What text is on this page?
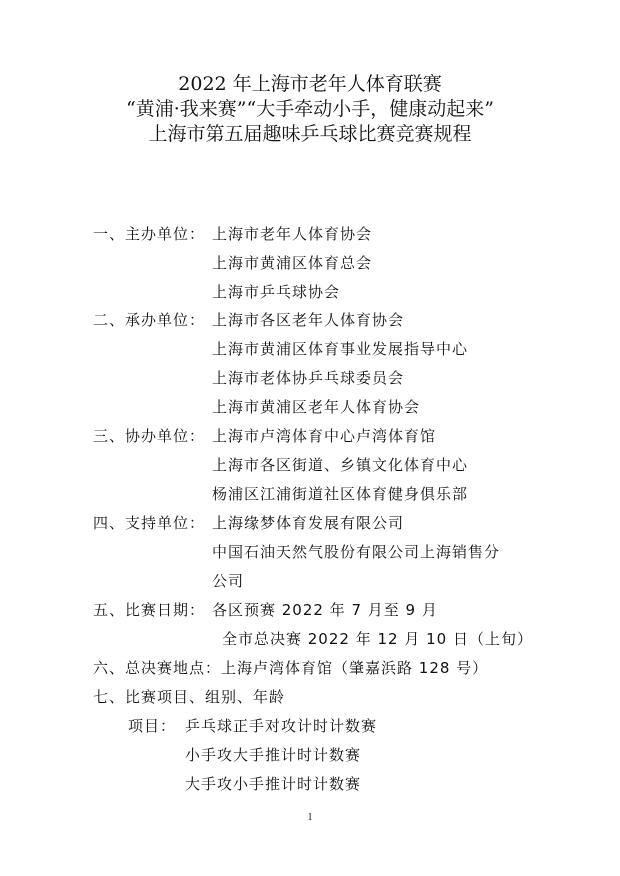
2022 年上海市老年人体育联赛
“黄浦·我来赛”“大手牵动小手，健康动起来”
上海市第五届趣味乒乓球比赛竞赛规程
一、主办单位： 上海市老年人体育协会
上海市黄浦区体育总会
上海市乒乓球协会
二、承办单位： 上海市各区老年人体育协会
上海市黄浦区体育事业发展指导中心
上海市老体协乒乓球委员会
上海市黄浦区老年人体育协会
三、协办单位： 上海市卢湾体育中心卢湾体育馆
上海市各区街道、乡镇文化体育中心
杨浦区江浦街道社区体育健身俱乐部
四、支持单位： 上海缘梦体育发展有限公司
中国石油天然气股份有限公司上海销售分
公司
五、比赛日期： 各区预赛 2022 年 7 月至 9 月
全市总决赛 2022 年 12 月 10 日（上旬）
六、总决赛地点：上海卢湾体育馆（肇嘉浜路 128 号）
七、比赛项目、组别、年龄
项目： 乒乓球正手对攻计时计数赛
小手攻大手推计时计数赛
大手攻小手推计时计数赛
1
